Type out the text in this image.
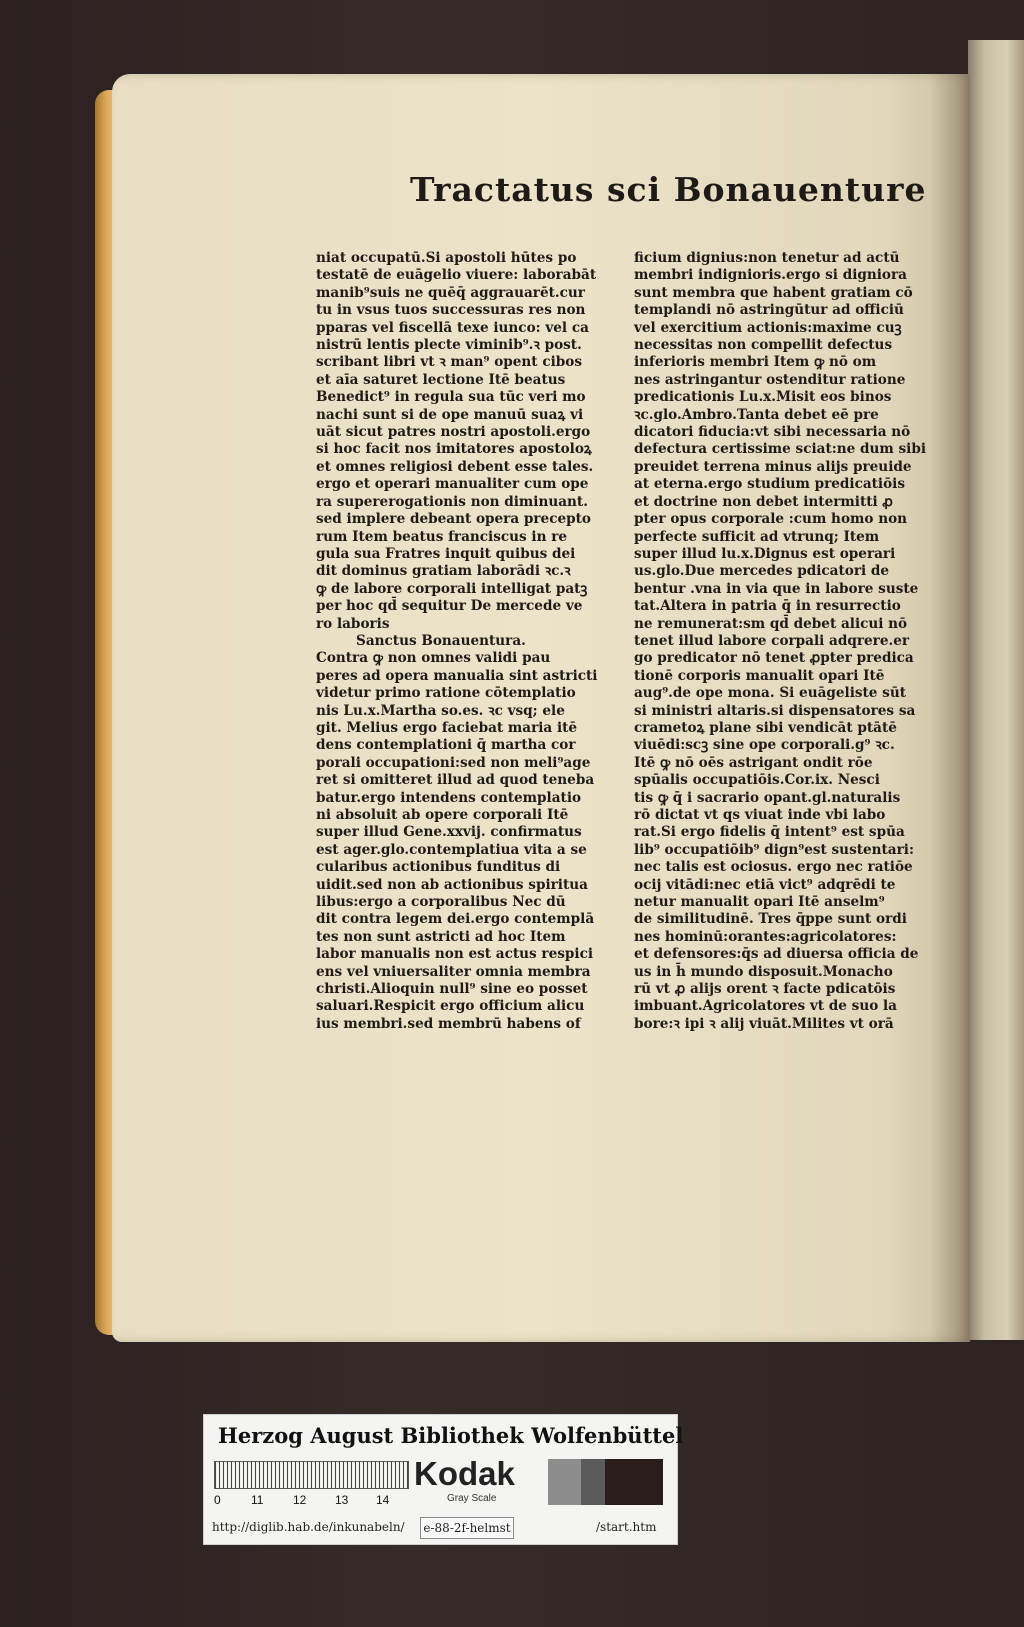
Tractatus sci Bonauenture
niat occupatū.Si apostoli hūtes po
testatē de euāgelio viuere: laborabāt
manib⁹suis ne quēq̄ aggrauarēt.cur
tu in vsus tuos successuras res non
pparas vel fiscellā texe iunco: vel ca
nistrū lentis plecte viminib⁹.ꝛ post.
scribant libri vt ꝛ man⁹ opent cibos
et aīa saturet lectione Itē beatus
Benedict⁹ in regula sua tūc veri mo
nachi sunt si de ope manuū suaꝝ vi
uāt sicut patres nostri apostoli.ergo
si hoc facit nos imitatores apostoloꝝ
et omnes religiosi debent esse tales.
ergo et operari manualiter cum ope
ra supererogationis non diminuant.
sed implere debeant opera precepto
rum Item beatus franciscus in re
gula sua Fratres inquit quibus dei
dit dominus gratiam laborādi ꝛc.ꝛ
ꝙ de labore corporali intelligat patꝫ
per hoc qd̄ sequitur De mercede ve
ro laboris
Sanctus Bonauentura.
Contra ꝙ non omnes validi pau
peres ad opera manualia sint astricti
videtur primo ratione cōtemplatio
nis Lu.x.Martha so.es. ꝛc vsq; ele
git. Melius ergo faciebat maria itē
dens contemplationi q̄ martha cor
porali occupationi:sed non meli⁹age
ret si omitteret illud ad quod teneba
batur.ergo intendens contemplatio
ni absoluit ab opere corporali Itē
super illud Gene.xxvij. confirmatus
est ager.glo.contemplatiua vita a se
cularibus actionibus funditus di
uidit.sed non ab actionibus spiritua
libus:ergo a corporalibus Nec dū
dit contra legem dei.ergo contemplā
tes non sunt astricti ad hoc Item
labor manualis non est actus respici
ens vel vniuersaliter omnia membra
christi.Alioquin null⁹ sine eo posset
saluari.Respicit ergo officium alicu
ius membri.sed membrū habens of
ficium dignius:non tenetur ad actū
membri indignioris.ergo si digniora
sunt membra que habent gratiam cō
templandi nō astringūtur ad officiū
vel exercitium actionis:maxime cuꝫ
necessitas non compellit defectus
inferioris membri Item ꝙ nō om
nes astringantur ostenditur ratione
predicationis Lu.x.Misit eos binos
ꝛc.glo.Ambro.Tanta debet eē pre
dicatori fiducia:vt sibi necessaria nō
defectura certissime sciat:ne dum sibi
preuidet terrena minus alijs preuide
at eterna.ergo studium predicatiōis
et doctrine non debet intermitti ꝓ
pter opus corporale :cum homo non
perfecte sufficit ad vtrunq; Item
super illud lu.x.Dignus est operari
us.glo.Due mercedes pdicatori de
bentur .vna in via que in labore suste
tat.Altera in patria q̄ in resurrectio
ne remunerat:sm qd̄ debet alicui nō
tenet illud labore corpali adqrere.er
go predicator nō tenet ꝓpter predica
tionē corporis manualit opari Itē
aug⁹.de ope mona. Si euāgeliste sūt
si ministri altaris.si dispensatores sa
crametoꝝ plane sibi vendicāt ptātē
viuēdi:scꝫ sine ope corporali.g⁹ ꝛc.
Itē ꝙ nō oēs astrigant ondit rōe
spūalis occupatiōis.Cor.ix. Nesci
tis ꝙ q̄ i sacrario opant.gl.naturalis
rō dictat vt qs viuat inde vbi labo
rat.Si ergo fidelis q̄ intent⁹ est spūa
lib⁹ occupatiōib⁹ dign⁹est sustentari:
nec talis est ociosus. ergo nec ratiōe
ocij vitādi:nec etiā vict⁹ adqrēdi te
netur manualit opari Itē anselm⁹
de similitudinē. Tres q̄ppe sunt ordi
nes hominū:orantes:agricolatores:
et defensores:q̄s ad diuersa officia de
us in h̄ mundo disposuit.Monacho
rū vt ꝓ alijs orent ꝛ facte pdicatōis
imbuant.Agricolatores vt de suo la
bore:ꝛ ipi ꝛ alij viuāt.Milites vt orā
Herzog August Bibliothek Wolfenbüttel
0	11 12 13 14
Kodak
Gray Scale
http://diglib.hab.de/inkunabeln/ e-88-2f-helmst	/start.htm
